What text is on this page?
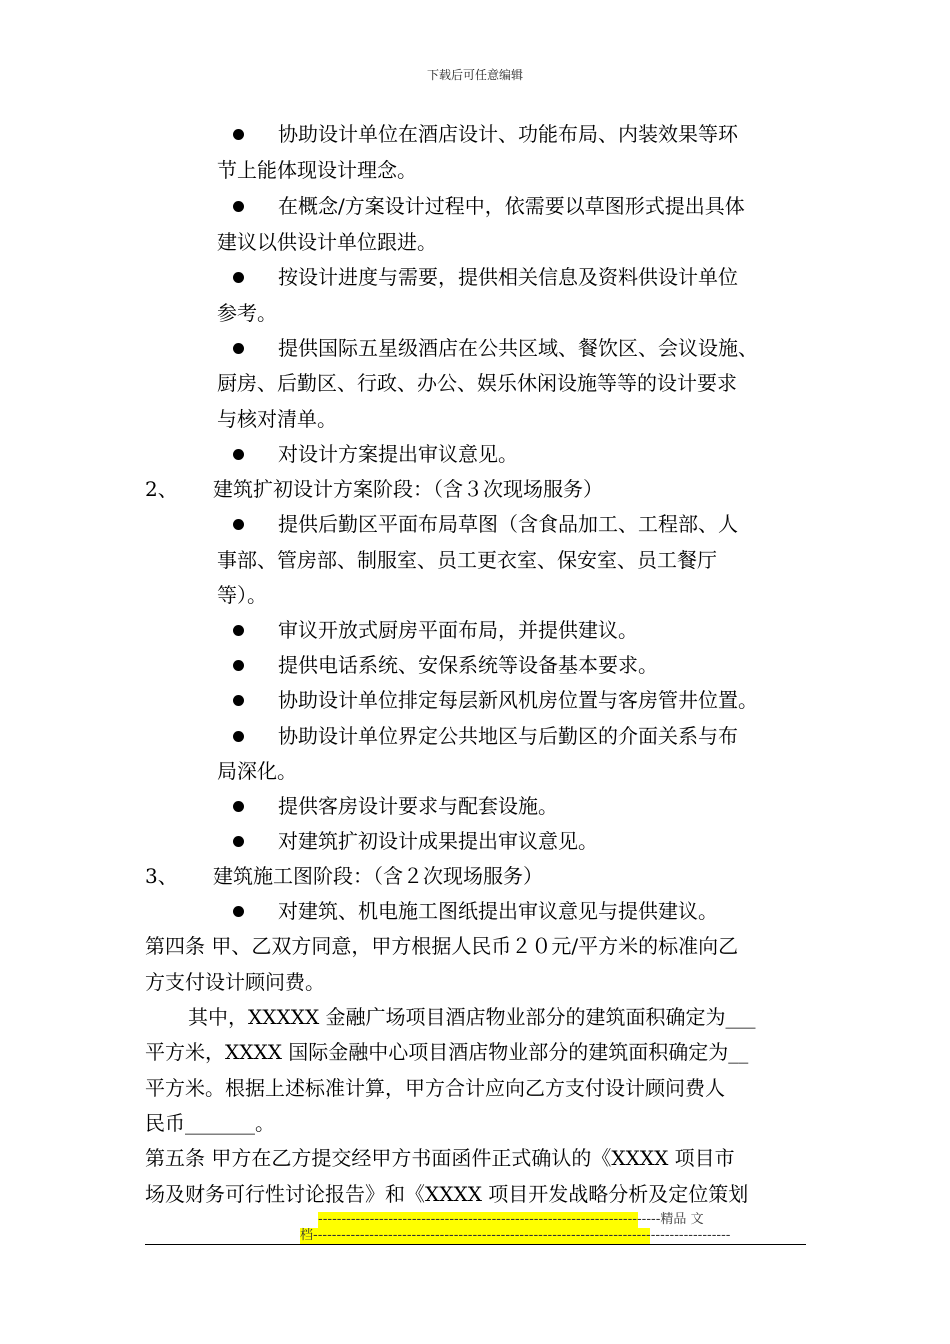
下载后可任意编辑
协助设计单位在酒店设计、功能布局、内装效果等环
节上能体现设计理念。
在概念/方案设计过程中，依需要以草图形式提出具体
建议以供设计单位跟进。
按设计进度与需要，提供相关信息及资料供设计单位
参考。
提供国际五星级酒店在公共区域、餐饮区、会议设施、
厨房、后勤区、行政、办公、娱乐休闲设施等等的设计要求
与核对清单。
对设计方案提出审议意见。
2、 建筑扩初设计方案阶段：（含３次现场服务）
提供后勤区平面布局草图（含食品加工、工程部、人
事部、管房部、制服室、员工更衣室、保安室、员工餐厅
等）。
审议开放式厨房平面布局，并提供建议。
提供电话系统、安保系统等设备基本要求。
协助设计单位排定每层新风机房位置与客房管井位置。
协助设计单位界定公共地区与后勤区的介面关系与布
局深化。
提供客房设计要求与配套设施。
对建筑扩初设计成果提出审议意见。
3、 建筑施工图阶段：（含２次现场服务）
对建筑、机电施工图纸提出审议意见与提供建议。
第四条 甲、乙双方同意，甲方根据人民币２０元/平方米的标准向乙
方支付设计顾问费。
其中，XXXXX 金融广场项目酒店物业部分的建筑面积确定为___
平方米，XXXX 国际金融中心项目酒店物业部分的建筑面积确定为__
平方米。根据上述标准计算，甲方合计应向乙方支付设计顾问费人
民币_______。
第五条 甲方在乙方提交经甲方书面函件正式确认的《XXXX 项目市
场及财务可行性讨论报告》和《XXXX 项目开发战略分析及定位策划
-------------------------------------------------------------------------精品 文
档-----------------------------------------------------------------------------------------
